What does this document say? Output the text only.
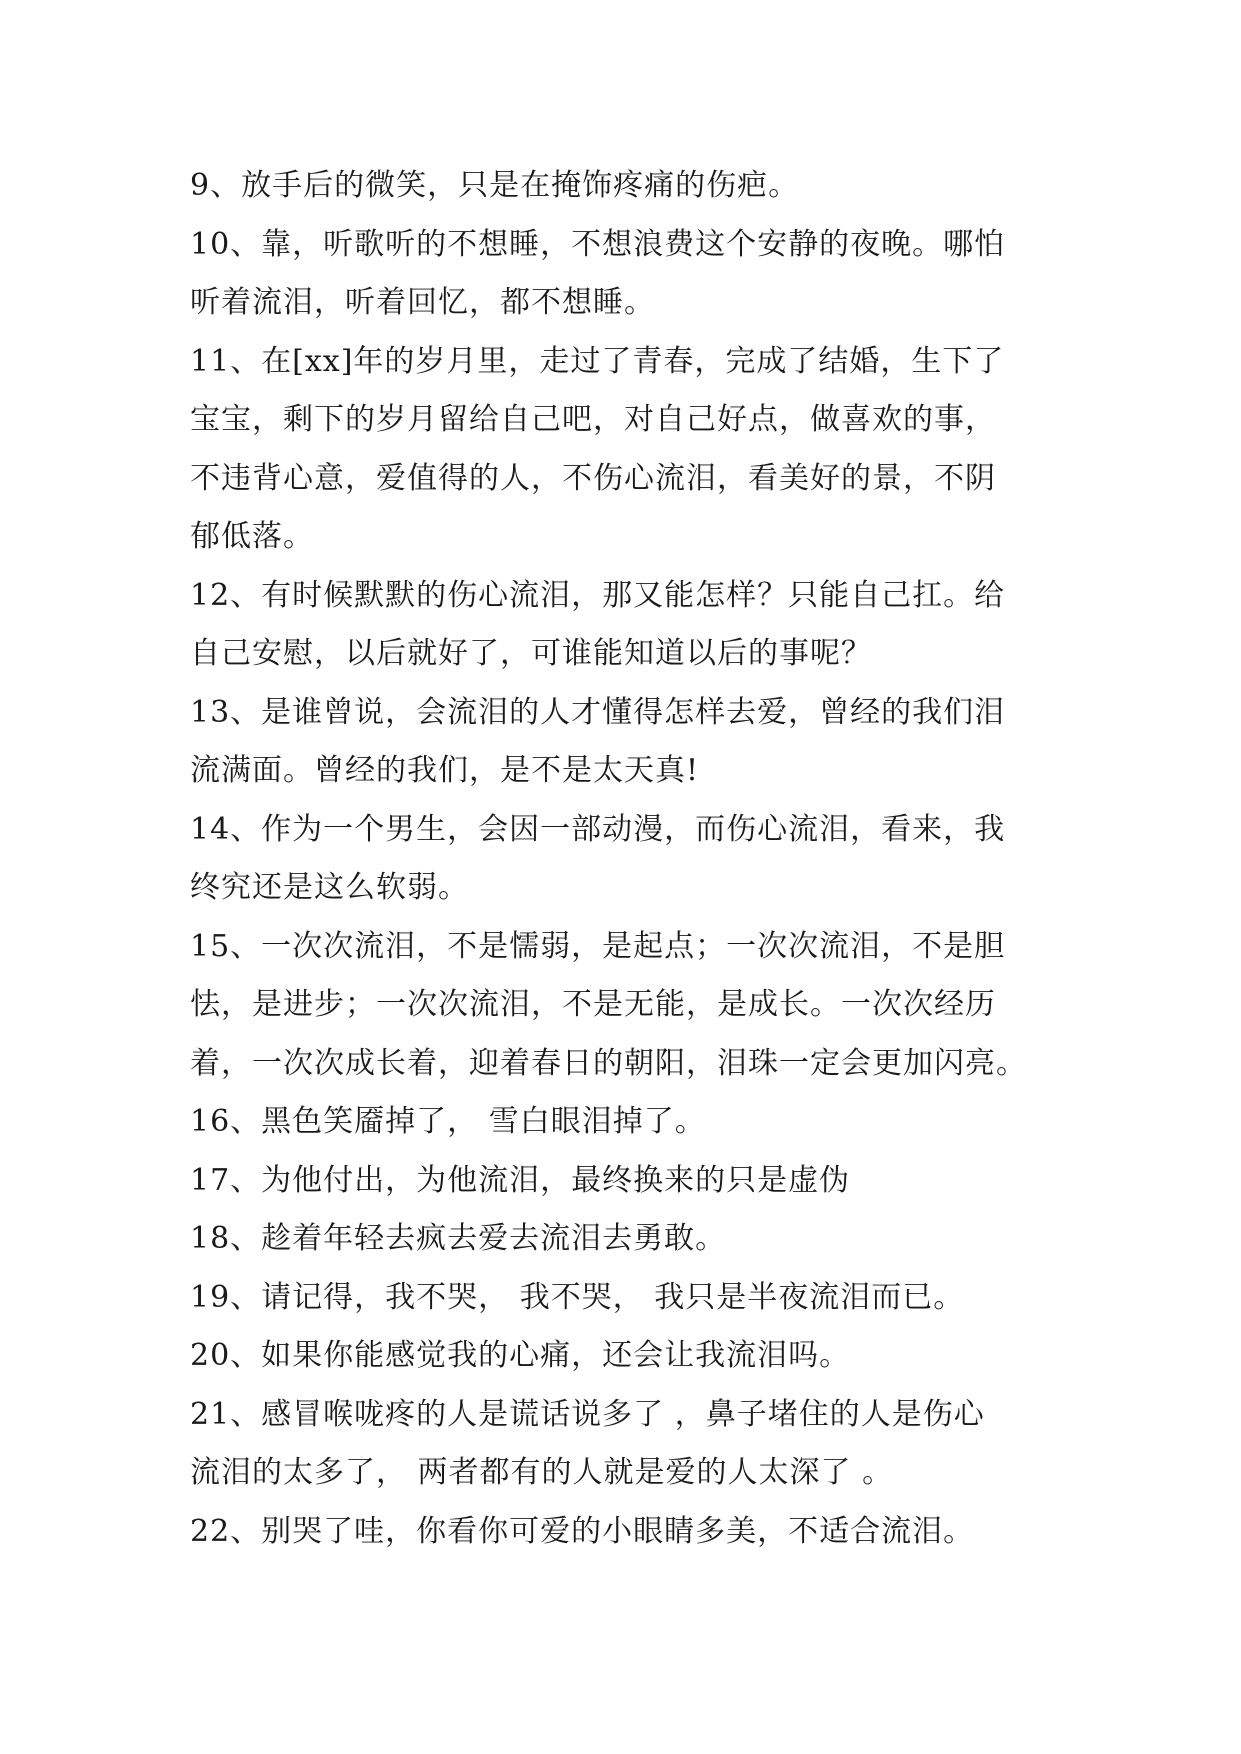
9、放手后的微笑，只是在掩饰疼痛的伤疤。
10、靠，听歌听的不想睡，不想浪费这个安静的夜晚。哪怕
听着流泪，听着回忆，都不想睡。
11、在[xx]年的岁月里，走过了青春，完成了结婚，生下了
宝宝，剩下的岁月留给自己吧，对自己好点，做喜欢的事，
不违背心意，爱值得的人，不伤心流泪，看美好的景，不阴
郁低落。
12、有时候默默的伤心流泪，那又能怎样？只能自己扛。给
自己安慰，以后就好了，可谁能知道以后的事呢？
13、是谁曾说，会流泪的人才懂得怎样去爱，曾经的我们泪
流满面。曾经的我们，是不是太天真!
14、作为一个男生，会因一部动漫，而伤心流泪，看来，我
终究还是这么软弱。
15、一次次流泪，不是懦弱，是起点；一次次流泪，不是胆
怯，是进步；一次次流泪，不是无能，是成长。一次次经历
着，一次次成长着，迎着春日的朝阳，泪珠一定会更加闪亮。
16、黑色笑靥掉了， 雪白眼泪掉了。
17、为他付出，为他流泪，最终换来的只是虚伪
18、趁着年轻去疯去爱去流泪去勇敢。
19、请记得，我不哭， 我不哭， 我只是半夜流泪而已。
20、如果你能感觉我的心痛，还会让我流泪吗。
21、感冒喉咙疼的人是谎话说多了 ，鼻子堵住的人是伤心
流泪的太多了， 两者都有的人就是爱的人太深了 。
22、别哭了哇，你看你可爱的小眼睛多美，不适合流泪。
